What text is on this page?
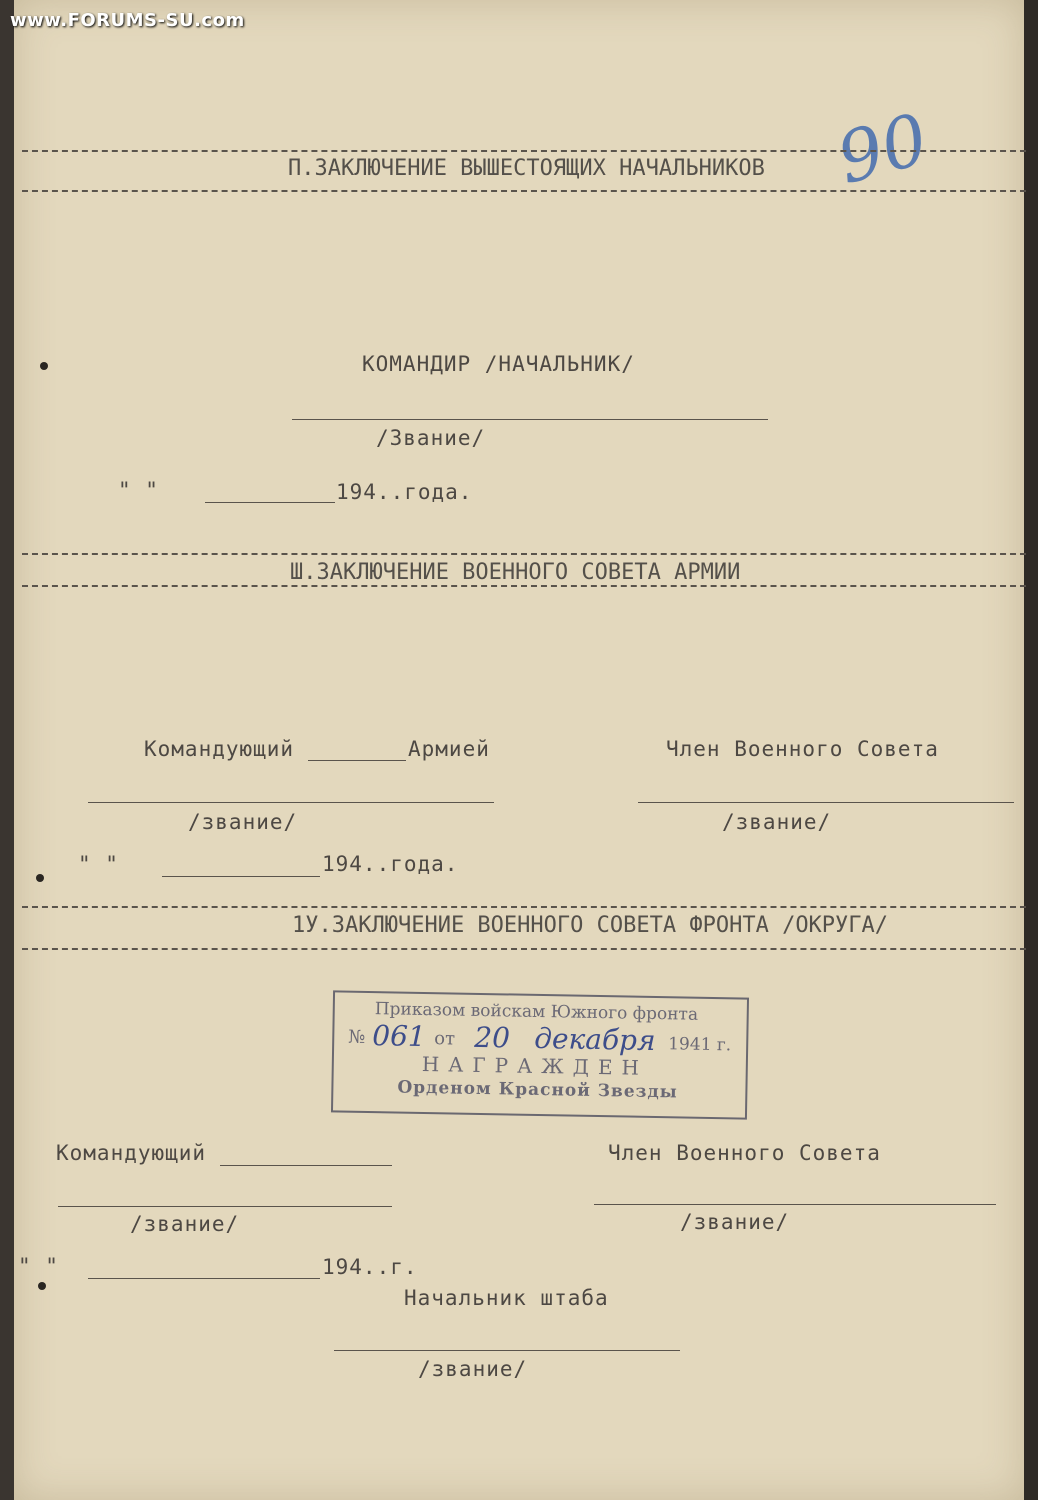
www.FORUMS-SU.com
90
П.ЗАКЛЮЧЕНИЕ ВЫШЕСТОЯЩИХ НАЧАЛЬНИКОВ
КОМАНДИР /НАЧАЛЬНИК/
/Звание/
" "	194..года.
Ш.ЗАКЛЮЧЕНИЕ ВОЕННОГО СОВЕТА АРМИИ
Командующий	Армией	Член Военного Совета
/звание/	/звание/
" "	194..года.
1У.ЗАКЛЮЧЕНИЕ ВОЕННОГО СОВЕТА ФРОНТА /ОКРУГА/
Приказом войскам Южного фронта
№ 061 от 20 декабря 1941 г.
НАГРАЖДЕН
Орденом Красной Звезды
Командующий	Член Военного Совета
/звание/	/звание/
" "	194..г.
Начальник штаба
/звание/
